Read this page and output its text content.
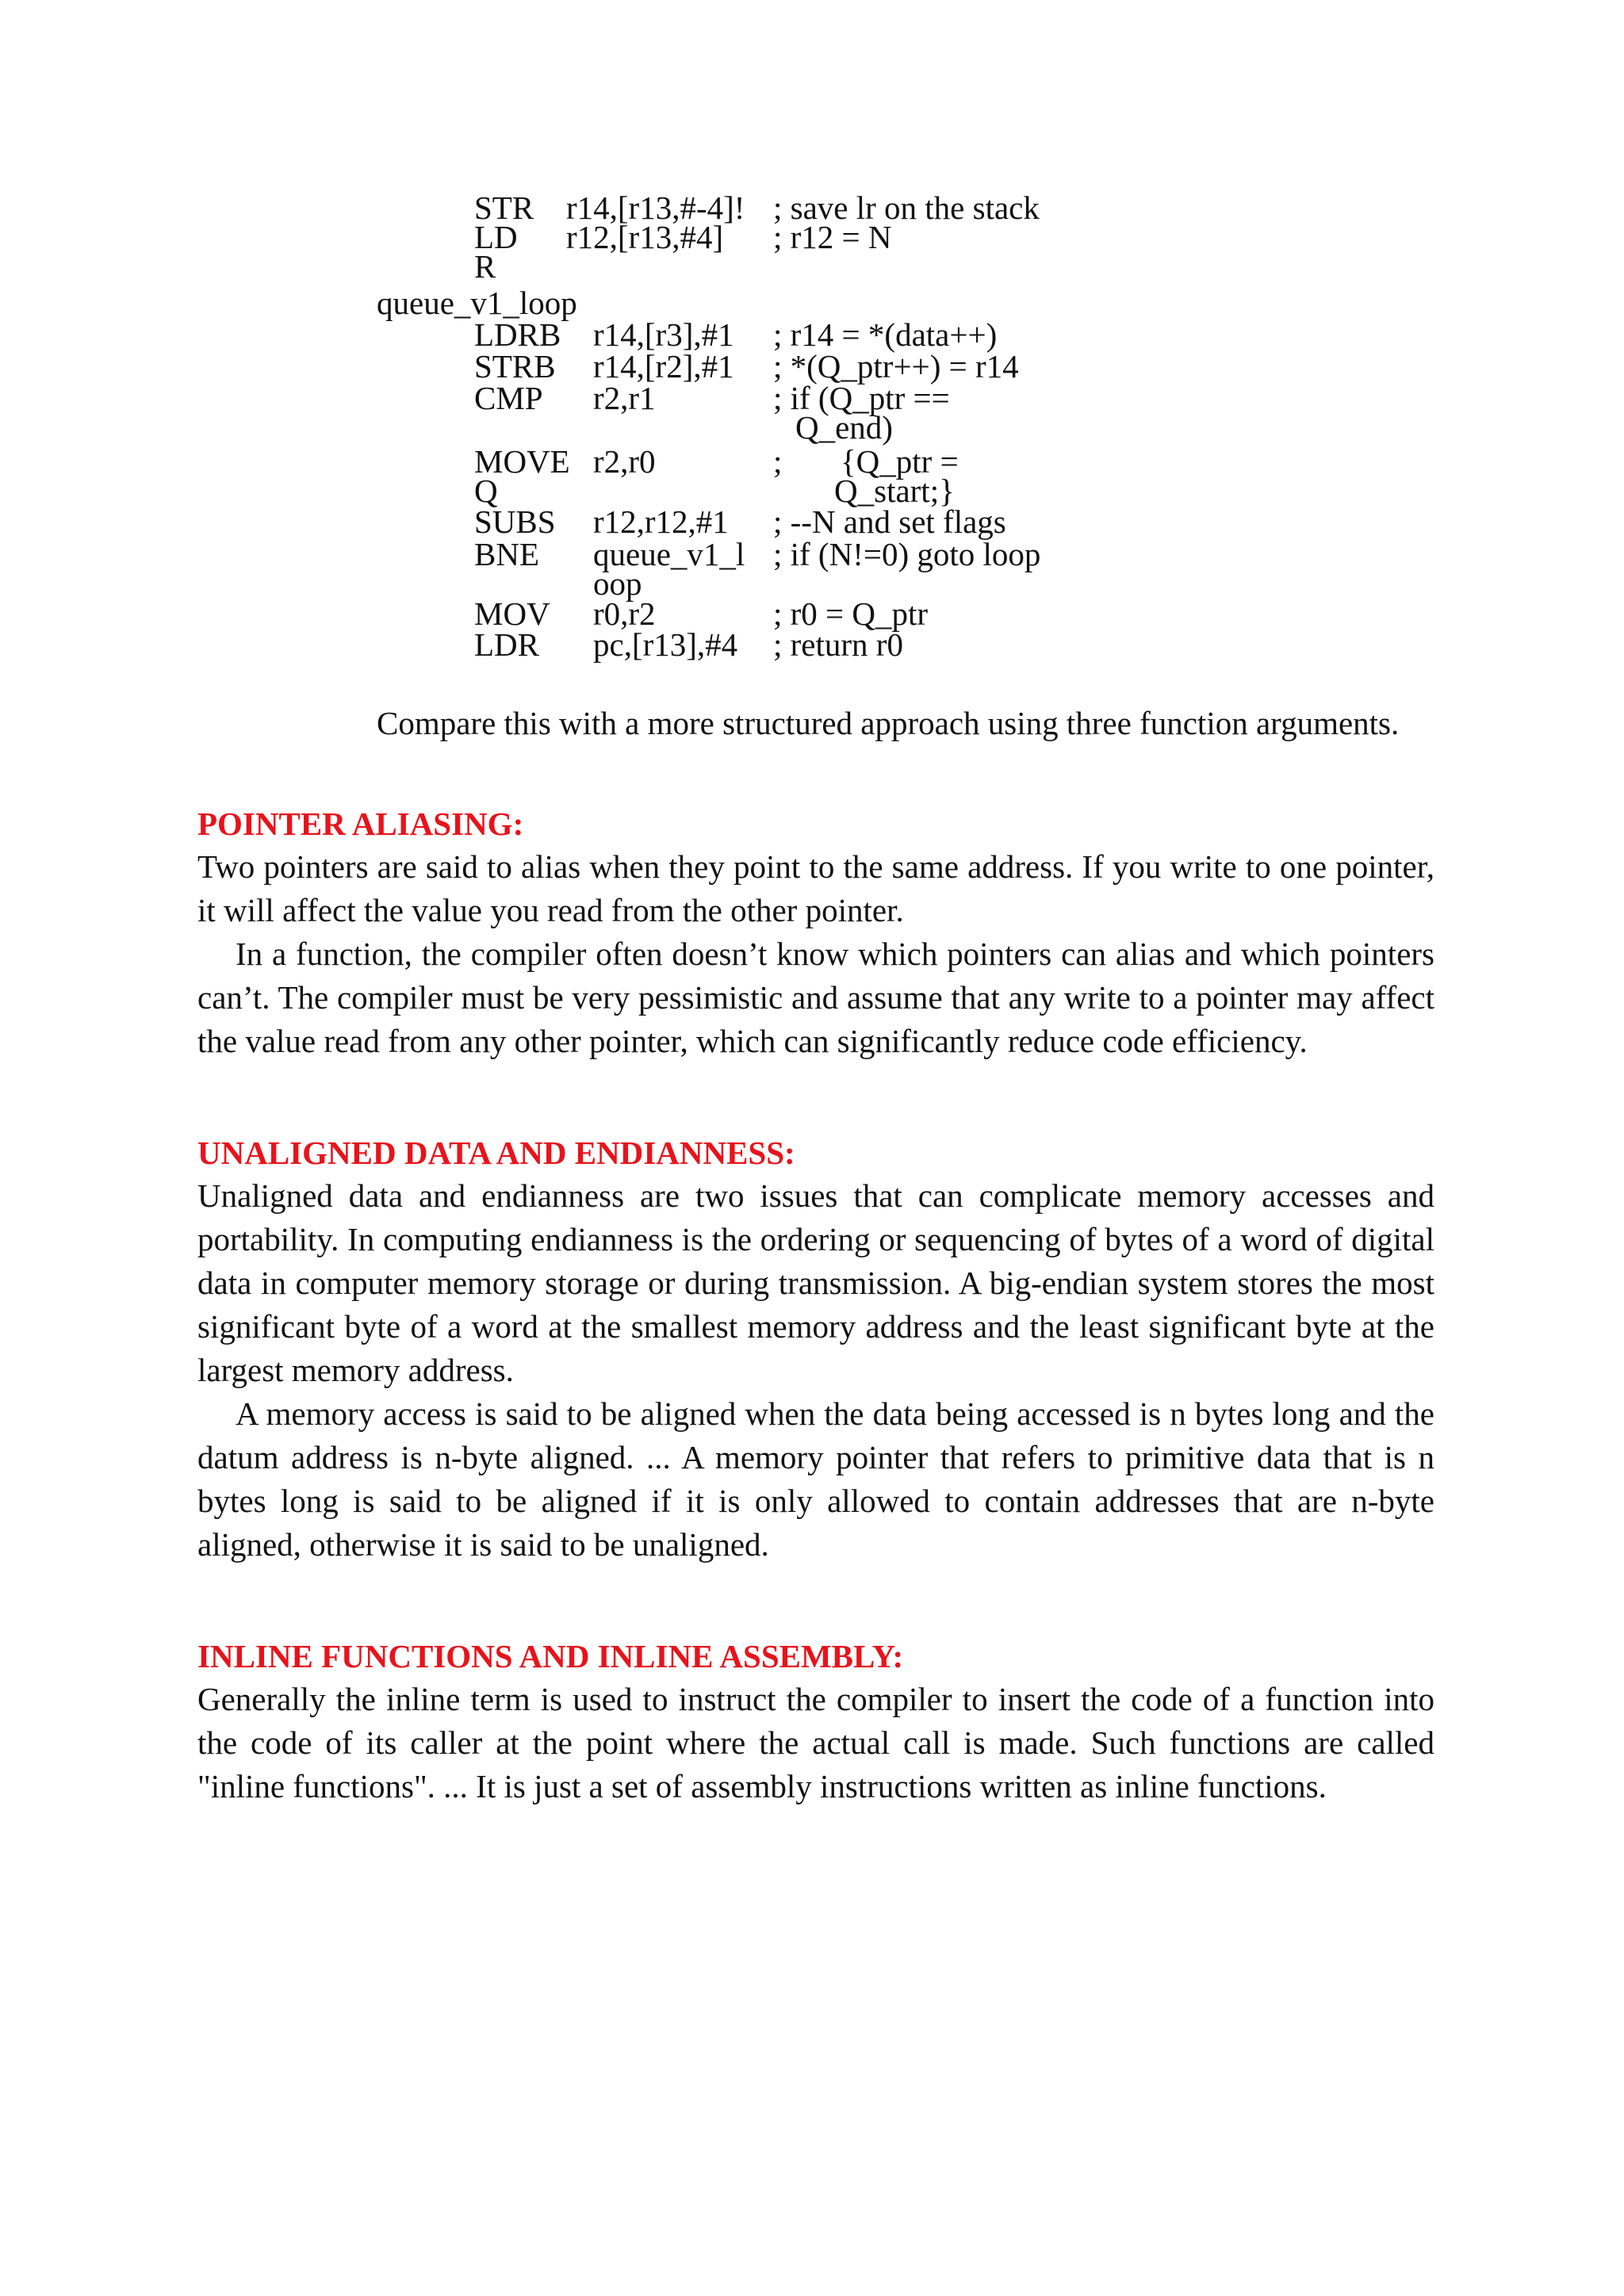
STR r14,[r13,#-4]! ; save lr on the stack
LD r12,[r13,#4] ; r12 = N
R
queue_v1_loop
LDRB r14,[r3],#1 ; r14 = *(data++)
STRB r14,[r2],#1 ; *(Q_ptr++) = r14
CMP r2,r1	; if (Q_ptr ==
Q_end)
MOVE r2,r0	; {Q_ptr =
Q	Q_start;}
SUBS r12,r12,#1 ; --N and set flags
BNE queue_v1_l ; if (N!=0) goto loop
oop
MOV r0,r2	; r0 = Q_ptr
LDR pc,[r13],#4 ; return r0

Compare this with a more structured approach using three function arguments.

POINTER ALIASING:

Two pointers are said to alias when they point to the same address. If you write to one pointer, it will affect the value you read from the other pointer.

In a function, the compiler often doesn’t know which pointers can alias and which pointers can’t. The compiler must be very pessimistic and assume that any write to a pointer may affect the value read from any other pointer, which can significantly reduce code efficiency.

UNALIGNED DATA AND ENDIANNESS:

Unaligned data and endianness are two issues that can complicate memory accesses and portability. In computing endianness is the ordering or sequencing of bytes of a word of digital data in computer memory storage or during transmission. A big-endian system stores the most significant byte of a word at the smallest memory address and the least significant byte at the largest memory address.

A memory access is said to be aligned when the data being accessed is n bytes long and the datum address is n-byte aligned. ... A memory pointer that refers to primitive data that is n bytes long is said to be aligned if it is only allowed to contain addresses that are n-byte aligned, otherwise it is said to be unaligned.

INLINE FUNCTIONS AND INLINE ASSEMBLY:

Generally the inline term is used to instruct the compiler to insert the code of a function into the code of its caller at the point where the actual call is made. Such functions are called "inline functions". ... It is just a set of assembly instructions written as inline functions.
